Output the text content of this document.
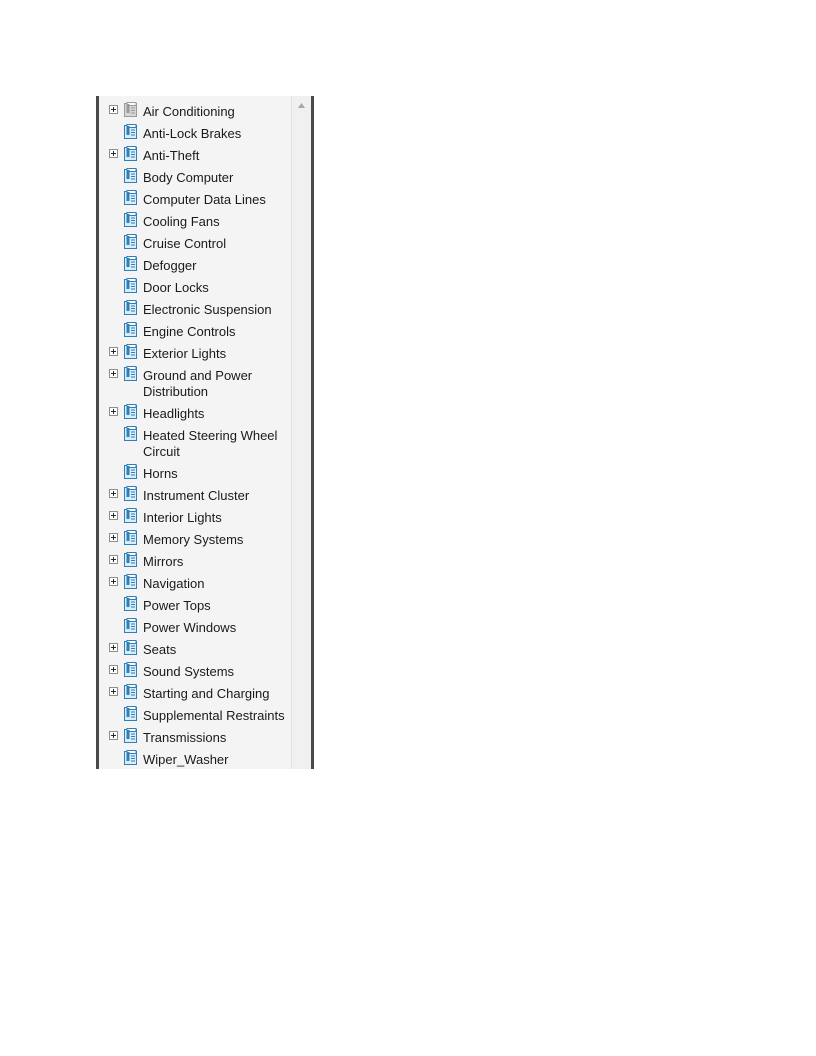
Air Conditioning
Anti-Lock Brakes
Anti-Theft
Body Computer
Computer Data Lines
Cooling Fans
Cruise Control
Defogger
Door Locks
Electronic Suspension
Engine Controls
Exterior Lights
Ground and Power Distribution
Headlights
Heated Steering Wheel Circuit
Horns
Instrument Cluster
Interior Lights
Memory Systems
Mirrors
Navigation
Power Tops
Power Windows
Seats
Sound Systems
Starting and Charging
Supplemental Restraints
Transmissions
Wiper_Washer
